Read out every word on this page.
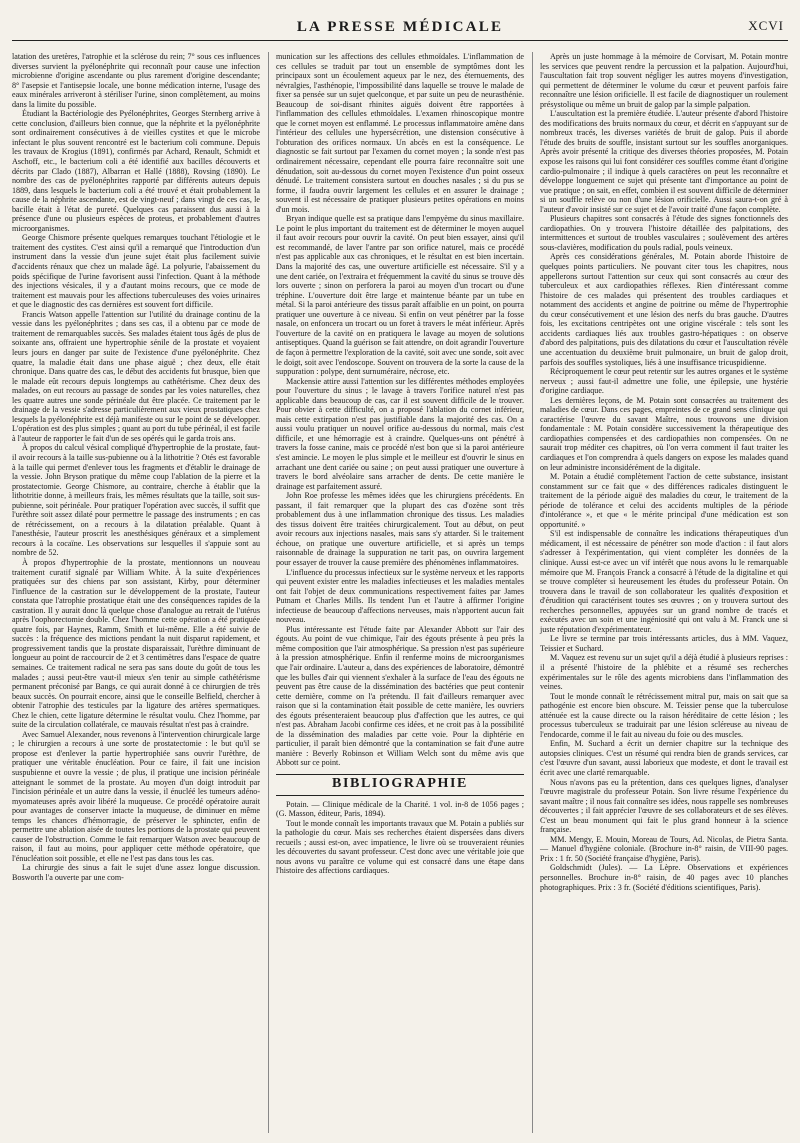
LA PRESSE MÉDICALE	XCVI

latation des uretères, l'atrophie et la sclérose du rein; 7° sous ces influences diverses survient la pyélonéphrite qui reconnaît pour cause une infection microbienne d'origine ascendante ou plus rarement d'origine descendante; 8° l'asepsie et l'antisepsie locale, une bonne médication interne, l'usage des eaux minérales arriveront à stériliser l'urine, sinon complètement, au moins dans la limite du possible.

Étudiant la Bactériologie des Pyélonéphrites, Georges Sternberg arrive à cette conclusion, d'ailleurs bien connue, que la néphrite et la pyélonéphrite sont ordinairement consécutives à de vieilles cystites et que le microbe infectant le plus souvent rencontré est le bacterium coli commune. Depuis les travaux de Krogius (1891), confirmés par Achard, Renault, Schmidt et Aschoff, etc., le bacterium coli a été identifié aux bacilles découverts et décrits par Clado (1887), Albarran et Hallé (1888), Rovsing (1890). Le nombre des cas de pyélonéphrites rapporté par différents auteurs depuis 1889, dans lesquels le bacterium coli a été trouvé et était probablement la cause de la néphrite ascendante, est de vingt-neuf ; dans vingt de ces cas, le bacille était à l'état de pureté. Quelques cas paraissent dus aussi à la présence d'une ou plusieurs espèces de proteus, et probablement d'autres microorganismes.

George Chismore présente quelques remarques touchant l'étiologie et le traitement des cystites. C'est ainsi qu'il a remarqué que l'introduction d'un instrument dans la vessie d'un jeune sujet était plus facilement suivie d'accidents rénaux que chez un malade âgé. La polyurie, l'abaissement du poids spécifique de l'urine favorisent aussi l'infection. Quant à la méthode des injections vésicales, il y a d'autant moins recours, que ce mode de traitement est mauvais pour les affections tuberculeuses des voies urinaires et que le diagnostic des cas dernières est souvent fort difficile.

Francis Watson appelle l'attention sur l'utilité du drainage continu de la vessie dans les pyélonéphrites ; dans ses cas, il a obtenu par ce mode de traitement de remarquables succès. Ses malades étaient tous âgés de plus de soixante ans, offraient une hypertrophie sénile de la prostate et voyaient leurs jours en danger par suite de l'existence d'une pyélonéphrite. Chez quatre, la maladie était dans une phase aiguë ; chez deux, elle était chronique. Dans quatre des cas, le début des accidents fut brusque, bien que le malade eût recours depuis longtemps au cathétérisme. Chez deux des malades, on eut recours au passage de sondes par les voies naturelles, chez les quatre autres une sonde périnéale dut être placée. Ce traitement par le drainage de la vessie s'adresse particulièrement aux vieux prostatiques chez lesquels la pyélonéphrite est déjà manifeste ou sur le point de se développer. L'opération est des plus simples ; quant au port du tube périnéal, il est facile à l'auteur de rapporter le fait d'un de ses opérés qui le garda trois ans.

À propos du calcul vésical compliqué d'hypertrophie de la prostate, faut-il avoir recours à la taille sus-pubienne ou à la lithotritie ? Otés est favorable à la taille qui permet d'enlever tous les fragments et d'établir le drainage de la vessie. John Bryson pratique du même coup l'ablation de la pierre et la prostatectomie. George Chismore, au contraire, cherche à établir que la lithotritie donne, à meilleurs frais, les mêmes résultats que la taille, soit sus-pubienne, soit périnéale. Pour pratiquer l'opération avec succès, il suffit que l'urèthre soit assez dilaté pour permettre le passage des instruments ; en cas de rétrécissement, on a recours à la dilatation préalable. Quant à l'anesthésie, l'auteur proscrit les anesthésiques généraux et a simplement recours à la cocaïne. Les observations sur lesquelles il s'appuie sont au nombre de 52.

À propos d'hypertrophie de la prostate, mentionnons un nouveau traitement curatif signalé par William White. À la suite d'expériences pratiquées sur des chiens par son assistant, Kirby, pour déterminer l'influence de la castration sur le développement de la prostate, l'auteur constata que l'atrophie prostatique était une des conséquences rapides de la castration. Il y aurait donc là quelque chose d'analogue au retrait de l'utérus après l'oophorectomie double. Chez l'homme cette opération a été pratiquée quatre fois, par Haynes, Ramm, Smith et lui-même. Elle a été suivie de succès : la fréquence des mictions pendant la nuit disparut rapidement, et progressivement tandis que la prostate disparaissait, l'urèthre diminuant de longueur au point de raccourcir de 2 et 3 centimètres dans l'espace de quatre semaines. Ce traitement radical ne sera pas sans doute du goût de tous les malades ; aussi peut-être vaut-il mieux s'en tenir au simple cathétérisme permanent préconisé par Bangs, ce qui aurait donné à ce chirurgien de très beaux succès. On pourrait encore, ainsi que le conseille Belfield, chercher à obtenir l'atrophie des testicules par la ligature des artères spermatiques. Chez le chien, cette ligature détermine le résultat voulu. Chez l'homme, par suite de la circulation collatérale, ce mauvais résultat n'est pas à craindre.

Avec Samuel Alexander, nous revenons à l'intervention chirurgicale large ; le chirurgien a recours à une sorte de prostatectomie : le but qu'il se propose est d'enlever la partie hypertrophiée sans ouvrir l'urèthre, de pratiquer une véritable énucléation. Pour ce faire, il fait une incision suspubienne et ouvre la vessie ; de plus, il pratique une incision périnéale atteignant le sommet de la prostate. Au moyen d'un doigt introduit par l'incision périnéale et un autre dans la vessie, il énucléé les tumeurs adéno-myomateuses après avoir libéré la muqueuse. Ce procédé opératoire aurait pour avantages de conserver intacte la muqueuse, de diminuer en même temps les chances d'hémorragie, de préserver le sphincter, enfin de permettre une ablation aisée de toutes les portions de la prostate qui peuvent causer de l'obstruction. Comme le fait remarquer Watson avec beaucoup de raison, il faut au moins, pour appliquer cette méthode opératoire, que l'énucléation soit possible, et elle ne l'est pas dans tous les cas.

La chirurgie des sinus a fait le sujet d'une assez longue discussion. Bosworth l'a ouverte par une com-

munication sur les affections des cellules ethmoïdales. L'inflammation de ces cellules se traduit par tout un ensemble de symptômes dont les principaux sont un écoulement aqueux par le nez, des éternuements, des névralgies, l'asthénopie, l'impossibilité dans laquelle se trouve le malade de fixer sa pensée sur un sujet quelconque, et par suite un peu de neurasthénie. Beaucoup de soi-disant rhinites aiguës doivent être rapportées à l'inflammation des cellules ethmoïdales. L'examen rhinoscopique montre que le cornet moyen est enflammé. Le processus inflammatoire amène dans l'intérieur des cellules une hypersécrétion, une distension consécutive à l'obturation des orifices normaux. Un abcès en est la conséquence. Le diagnostic se fait surtout par l'examen du cornet moyen ; la sonde n'est pas ordinairement nécessaire, cependant elle pourra faire reconnaître soit une dénudation, soit au-dessous du cornet moyen l'existence d'un point osseux dénudé. Le traitement consistera surtout en douches nasales ; si du pus se forme, il faudra ouvrir largement les cellules et en assurer le drainage ; souvent il est nécessaire de pratiquer plusieurs petites opérations en moins d'un mois.

Bryan indique quelle est sa pratique dans l'empyème du sinus maxillaire. Le point le plus important du traitement est de déterminer le moyen auquel il faut avoir recours pour ouvrir la cavité. On peut bien essayer, ainsi qu'il est recommandé, de laver l'antre par son orifice naturel, mais ce procédé n'est pas applicable aux cas chroniques, et le résultat en est bien incertain. Dans la majorité des cas, une ouverture artificielle est nécessaire. S'il y a une dent cariée, on l'extraira et fréquemment la cavité du sinus se trouve dès lors ouverte ; sinon on perforera la paroi au moyen d'un trocart ou d'une tréphine. L'ouverture doit être large et maintenue béante par un tube en métal. Si la paroi antérieure des tissus paraît affaiblie en un point, on pourra pratiquer une ouverture à ce niveau. Si enfin on veut pénétrer par la fosse nasale, on enfoncera un trocart ou un foret à travers le méat inférieur. Après l'ouverture de la cavité on en pratiquera le lavage au moyen de solutions antiseptiques. Quand la guérison se fait attendre, on doit agrandir l'ouverture de façon à permettre l'exploration de la cavité, soit avec une sonde, soit avec le doigt, soit avec l'endoscope. Souvent on trouvera de la sorte la cause de la suppuration : polype, dent surnuméraire, nécrose, etc.

Mackensie attire aussi l'attention sur les différentes méthodes employées pour l'ouverture du sinus ; le lavage à travers l'orifice naturel n'est pas applicable dans beaucoup de cas, car il est souvent difficile de le trouver. Pour obvier à cette difficulté, on a proposé l'ablation du cornet inférieur, mais cette extirpation n'est pas justifiable dans la majorité des cas. On a aussi voulu pratiquer un nouvel orifice au-dessous du normal, mais c'est difficile, et une hémorragie est à craindre. Quelques-uns ont pénétré à travers la fosse canine, mais ce procédé n'est bon que si la paroi antérieure s'est amincie. Le moyen le plus simple et le meilleur est d'ouvrir le sinus en arrachant une dent cariée ou saine ; on peut aussi pratiquer une ouverture à travers le bord alvéolaire sans arracher de dents. De cette manière le drainage est parfaitement assuré.

John Roe professe les mêmes idées que les chirurgiens précédents. En passant, il fait remarquer que la plupart des cas d'ozène sont très probablement dus à une inflammation chronique des tissus. Les maladies des tissus doivent être traitées chirurgicalement. Tout au début, on peut avoir recours aux injections nasales, mais sans s'y attarder. Si le traitement échoue, on pratique une ouverture artificielle, et si après un temps raisonnable de drainage la suppuration ne tarit pas, on ouvrira largement pour essayer de trouver la cause première des phénomènes inflammatoires.

L'influence du processus infectieux sur le système nerveux et les rapports qui peuvent exister entre les maladies infectieuses et les maladies mentales ont fait l'objet de deux communications respectivement faites par James Putnam et Charles Mills. Ils tendent l'un et l'autre à affirmer l'origine infectieuse de beaucoup d'affections nerveuses, mais n'apportent aucun fait nouveau.

Plus intéressante est l'étude faite par Alexander Abbott sur l'air des égouts. Au point de vue chimique, l'air des égouts présente à peu près la même composition que l'air atmosphérique. Sa pression n'est pas supérieure à la pression atmosphérique. Enfin il renferme moins de microorganismes que l'air ordinaire. L'auteur a, dans des expériences de laboratoire, démontré que les bulles d'air qui viennent s'exhaler à la surface de l'eau des égouts ne peuvent pas être cause de la dissémination des bactéries que peut contenir cette dernière, comme on l'a prétendu. Il fait d'ailleurs remarquer avec raison que si la contamination était possible de cette manière, les ouvriers des égouts présenteraient beaucoup plus d'affection que les autres, ce qui n'est pas. Abraham Jacobi confirme ces idées, et ne croit pas à la possibilité de la dissémination des maladies par cette voie. Pour la diphtérie en particulier, il paraît bien démontré que la contamination se fait d'une autre manière : Beverly Robinson et William Welch sont du même avis que Abbott sur ce point.

BIBLIOGRAPHIE

Potain. — Clinique médicale de la Charité. 1 vol. in-8 de 1056 pages ; (G. Masson, éditeur, Paris, 1894).

Tout le monde connaît les importants travaux que M. Potain a publiés sur la pathologie du cœur. Mais ses recherches étaient dispersées dans divers recueils ; aussi est-on, avec impatience, le livre où se trouveraient réunies les découvertes du savant professeur. C'est donc avec une véritable joie que nous avons vu paraître ce volume qui est consacré dans une étape dans l'histoire des affections cardiaques.

Après un juste hommage à la mémoire de Corvisart, M. Potain montre les services que peuvent rendre la percussion et la palpation. Aujourd'hui, l'auscultation fait trop souvent négliger les autres moyens d'investigation, qui permettent de déterminer le volume du cœur et peuvent parfois faire reconnaître une lésion orificielle. Il est facile de diagnostiquer un roulement présystolique ou même un bruit de galop par la simple palpation.

L'auscultation est la première étudiée. L'auteur présente d'abord l'histoire des modifications des bruits normaux du cœur, et décrit en s'appuyant sur de nombreux tracés, les diverses variétés de bruit de galop. Puis il aborde l'étude des bruits de souffle, insistant surtout sur les souffles anorganiques. Après avoir présenté la critique des diverses théories proposées, M. Potain expose les raisons qui lui font considérer ces souffles comme étant d'origine cardio-pulmonaire ; il indique à quels caractères on peut les reconnaître et développe longuement ce sujet qui présente tant d'importance au point de vue pratique ; on sait, en effet, combien il est souvent difficile de déterminer si un souffle relève ou non d'une lésion orificielle. Aussi saura-t-on gré à l'auteur d'avoir insisté sur ce sujet et de l'avoir traité d'une façon complète.

Plusieurs chapitres sont consacrés à l'étude des signes fonctionnels des cardiopathies. On y trouvera l'histoire détaillée des palpitations, des intermittences et surtout de troubles vasculaires ; soulèvement des artères sous-clavières, modification du pouls radial, pouls veineux.

Après ces considérations générales, M. Potain aborde l'histoire de quelques points particuliers. Ne pouvant citer tous les chapitres, nous appellerons surtout l'attention sur ceux qui sont consacrés au cœur des tuberculeux et aux cardiopathies réflexes. Rien d'intéressant comme l'histoire de ces malades qui présentent des troubles cardiaques et notamment des accidents et angine de poitrine ou même de l'hypertrophie du cœur consécutivement et une lésion des nerfs du bras gauche. D'autres fois, les excitations centripètes ont une origine viscérale : tels sont les accidents cardiaques liés aux troubles gastro-hépatiques : on observe d'abord des palpitations, puis des dilatations du cœur et l'auscultation révèle une accentuation du deuxième bruit pulmonaire, un bruit de galop droit, parfois des souffles systoliques, liés à une insuffisance tricuspidienne.

Réciproquement le cœur peut retentir sur les autres organes et le système nerveux ; aussi faut-il admettre une folie, une épilepsie, une hystérie d'origine cardiaque.

Les dernières leçons, de M. Potain sont consacrées au traitement des maladies de cœur. Dans ces pages, empreintes de ce grand sens clinique qui caractérise l'œuvre du savant Maître, nous trouvons une division fondamentale : M. Potain considère successivement la thérapeutique des cardiopathies compensées et des cardiopathies non compensées. On ne saurait trop méditer ces chapitres, où l'on verra comment il faut traiter les cardiaques et l'on comprendra à quels dangers on expose les malades quand on leur administre inconsidérément de la digitale.

M. Potain a étudié complètement l'action de cette substance, insistant constamment sur ce fait que « des différences radicales distinguent le traitement de la période aiguë des maladies du cœur, le traitement de la période de tolérance et celui des accidents multiples de la période d'intolérance », et que « le mérite principal d'une médication est son opportunité. »

S'il est indispensable de connaître les indications thérapeutiques d'un médicament, il est nécessaire de pénétrer son mode d'action : il faut alors s'adresser à l'expérimentation, qui vient compléter les données de la clinique. Aussi est-ce avec un vif intérêt que nous avons lu le remarquable mémoire que M. François Franck a consacré à l'étude de la digitaline et qui se trouve compléter si heureusement les études du professeur Potain. On trouvera dans le travail de son collaborateur les qualités d'exposition et d'érudition qui caractérisent toutes ses œuvres ; on y trouvera surtout des recherches personnelles, appuyées sur un grand nombre de tracés et exécutés avec un soin et une ingéniosité qui ont valu à M. Franck une si juste réputation d'expérimentateur.

Le livre se termine par trois intéressants articles, dus à MM. Vaquez, Teissier et Suchard.

M. Vaquez est revenu sur un sujet qu'il a déjà étudié à plusieurs reprises : il a présenté l'histoire de la phlébite et a résumé ses recherches expérimentales sur le rôle des agents microbiens dans l'inflammation des veines.

Tout le monde connaît le rétrécissement mitral pur, mais on sait que sa pathogénie est encore bien obscure. M. Teissier pense que la tuberculose atténuée est la cause directe ou la raison héréditaire de cette lésion ; les processus tuberculeux se traduirait par une lésion scléreuse au niveau de l'endocarde, comme il le fait au niveau du foie ou des muscles.

Enfin, M. Suchard a écrit un dernier chapitre sur la technique des autopsies cliniques. C'est un résumé qui rendra bien de grands services, car c'est l'œuvre d'un savant, aussi laborieux que modeste, et dont le travail est écrit avec une clarté remarquable.

Nous n'avons pas eu la prétention, dans ces quelques lignes, d'analyser l'œuvre magistrale du professeur Potain. Son livre résume l'expérience du savant maître ; il nous fait connaître ses idées, nous rappelle ses nombreuses découvertes ; il fait apprécier l'œuvre de ses collaborateurs et de ses élèves. C'est un beau monument qui fait le plus grand honneur à la science française.

MM. Mengy, E. Mouin, Moreau de Tours, Ad. Nicolas, de Pietra Santa. — Manuel d'hygiène coloniale. (Brochure in-8° raisin, de VIII-90 pages. Prix : 1 fr. 50 (Société française d'hygiène, Paris).

Goldschmidt (Jules). — La Lèpre. Observations et expériences personnelles. Brochure in-8° raisin, de 40 pages avec 10 planches photographiques. Prix : 3 fr. (Société d'éditions scientifiques, Paris).
